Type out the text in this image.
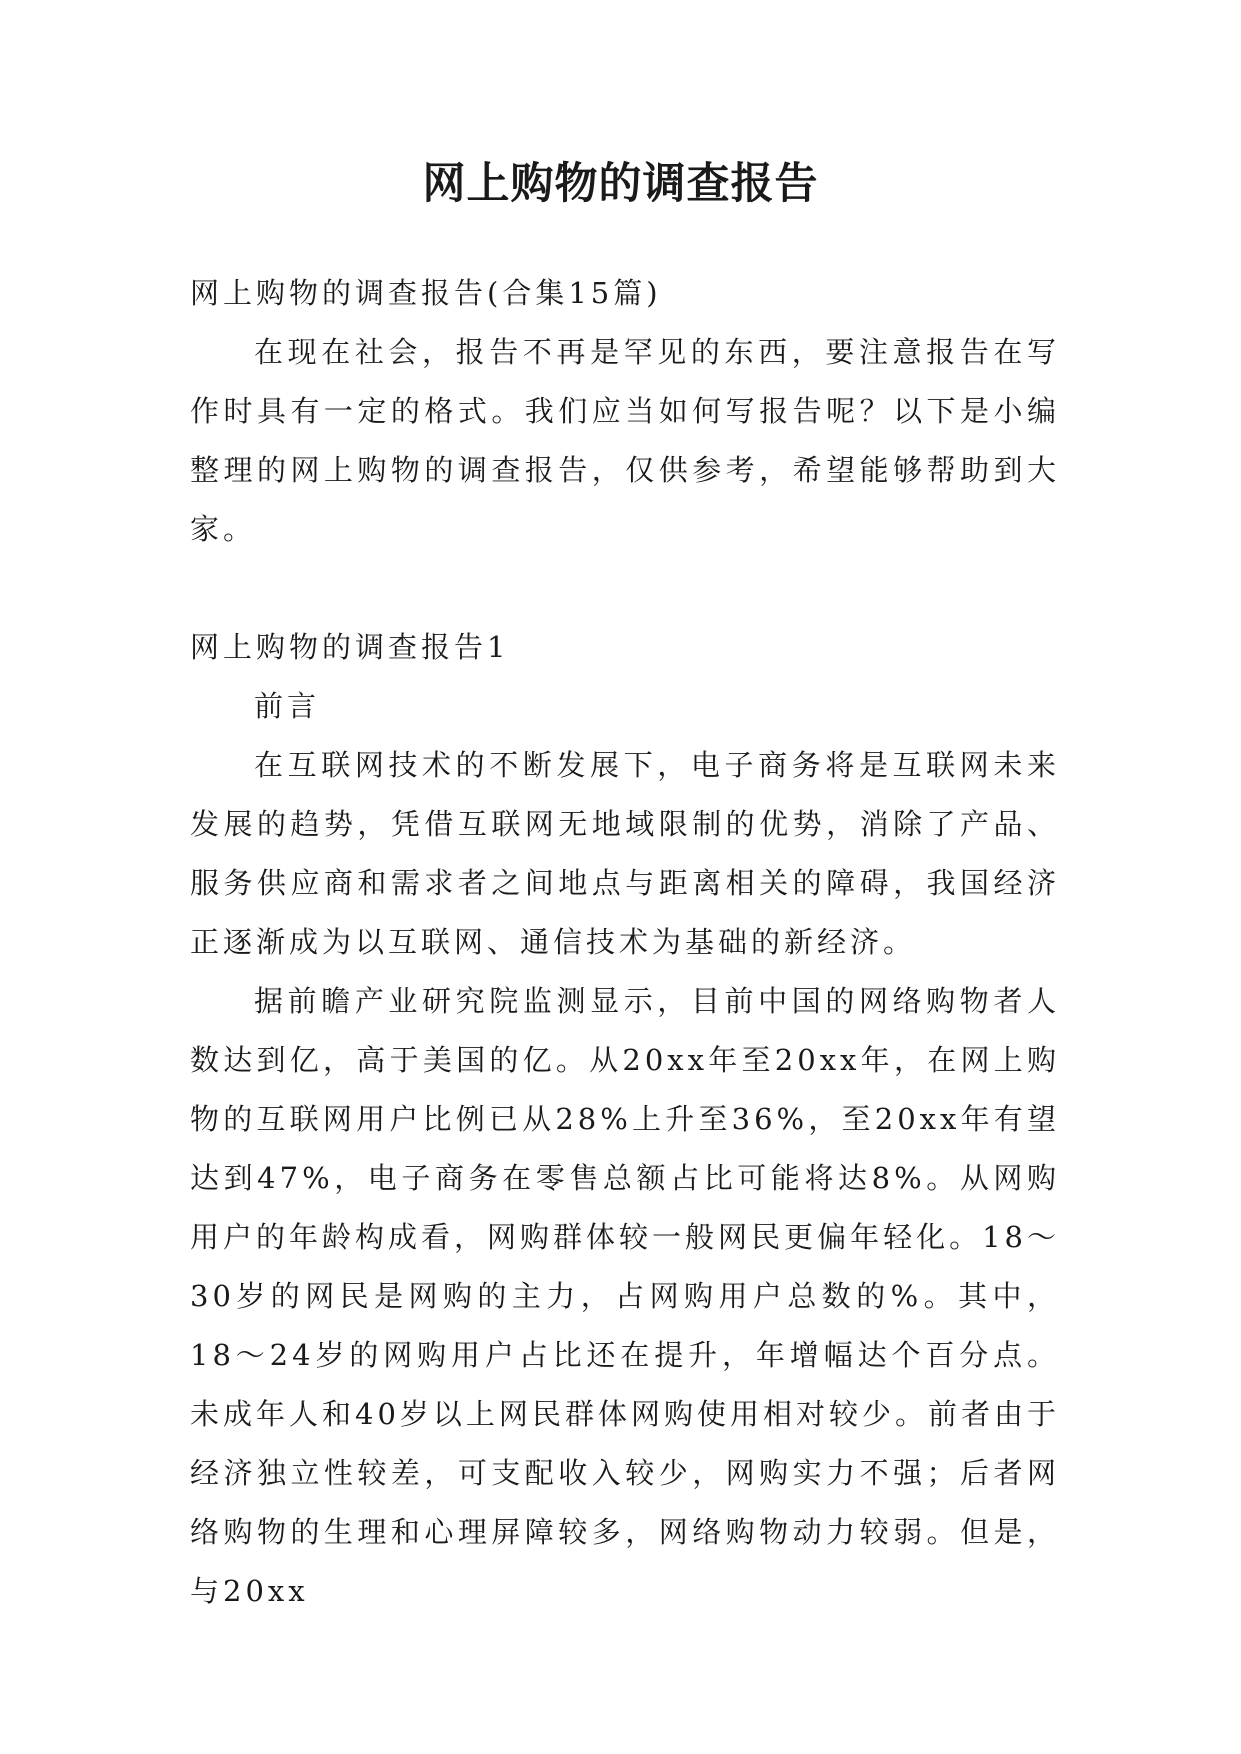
网上购物的调查报告

网上购物的调查报告(合集15篇)

在现在社会，报告不再是罕见的东西，要注意报告在写作时具有一定的格式。我们应当如何写报告呢？以下是小编整理的网上购物的调查报告，仅供参考，希望能够帮助到大家。

网上购物的调查报告1

前言

在互联网技术的不断发展下，电子商务将是互联网未来发展的趋势，凭借互联网无地域限制的优势，消除了产品、服务供应商和需求者之间地点与距离相关的障碍，我国经济正逐渐成为以互联网、通信技术为基础的新经济。

据前瞻产业研究院监测显示，目前中国的网络购物者人数达到亿，高于美国的亿。从20xx年至20xx年，在网上购物的互联网用户比例已从28%上升至36%，至20xx年有望达到47%，电子商务在零售总额占比可能将达8%。从网购用户的年龄构成看，网购群体较一般网民更偏年轻化。18～30岁的网民是网购的主力，占网购用户总数的%。其中，18～24岁的网购用户占比还在提升，年增幅达个百分点。未成年人和40岁以上网民群体网购使用相对较少。前者由于经济独立性较差，可支配收入较少，网购实力不强；后者网络购物的生理和心理屏障较多，网络购物动力较弱。但是，与20xx
